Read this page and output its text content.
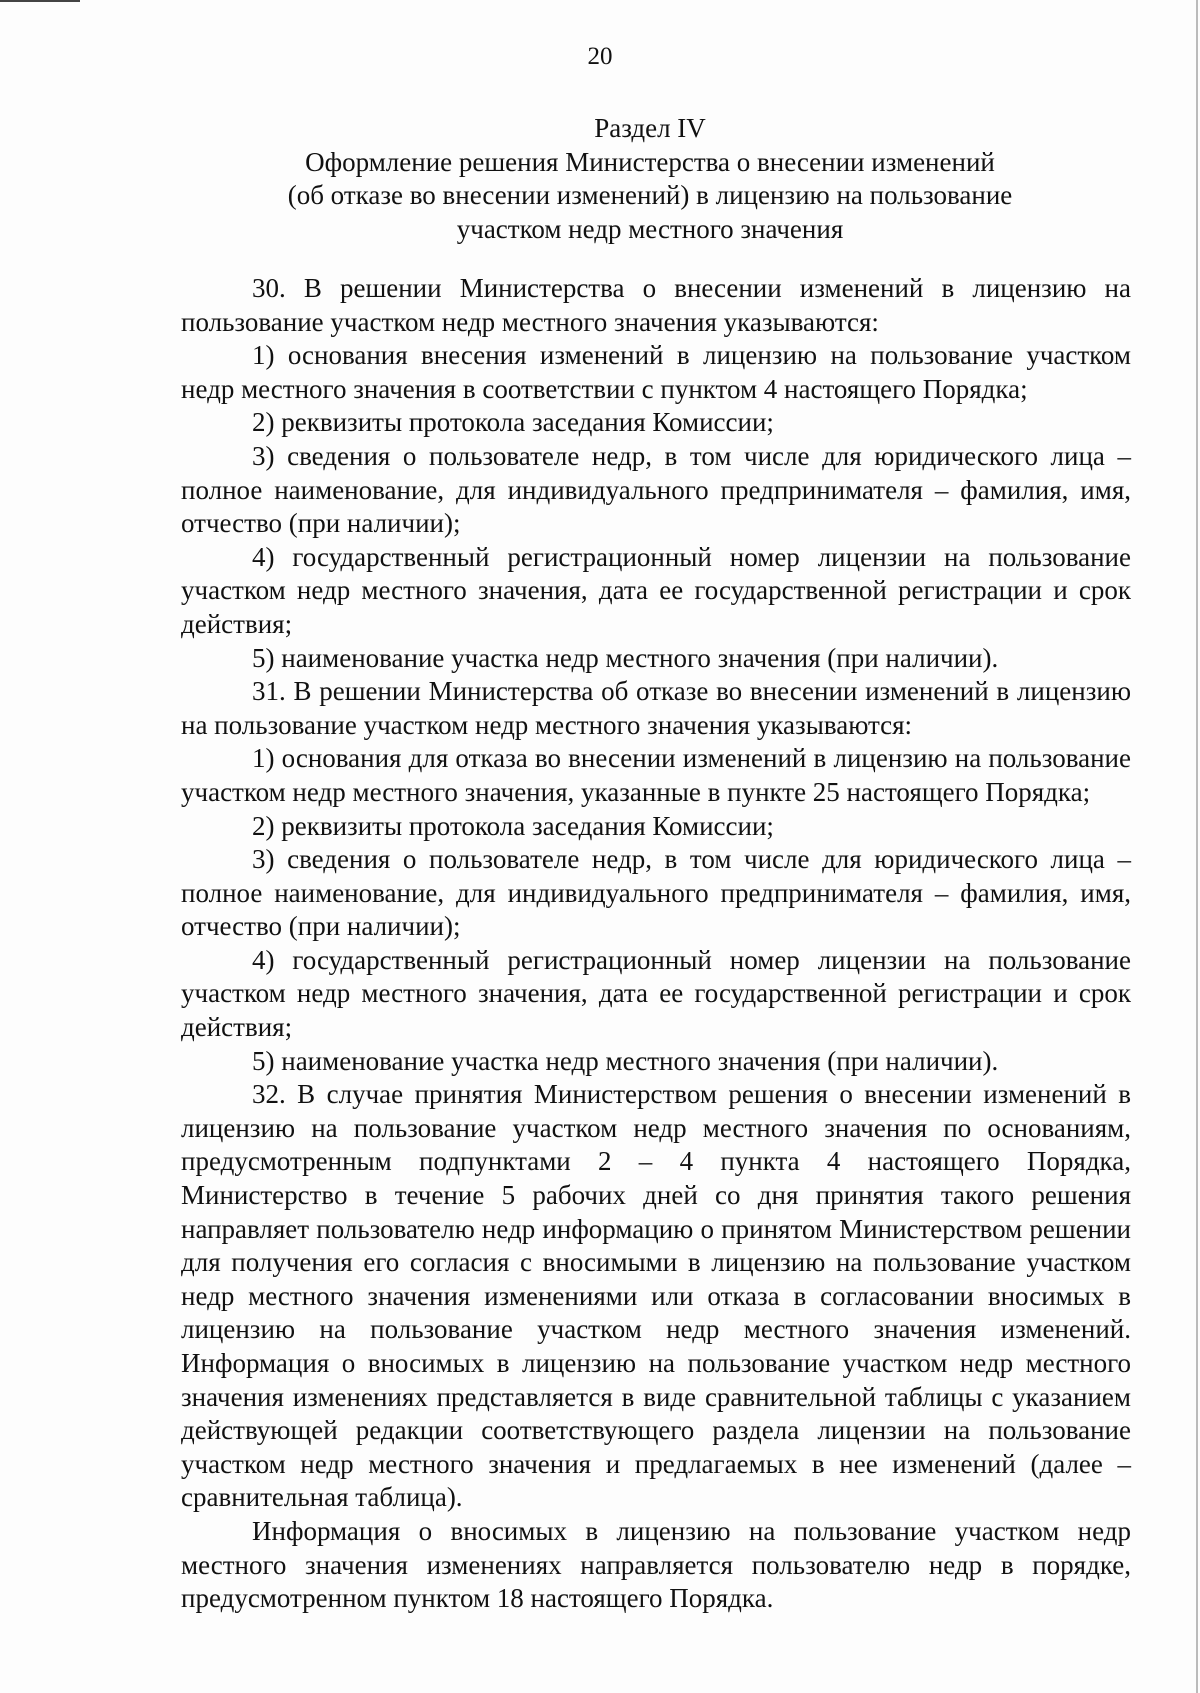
20
Раздел IV
Оформление решения Министерства о внесении изменений
(об отказе во внесении изменений) в лицензию на пользование
участком недр местного значения

30. В решении Министерства о внесении изменений в лицензию на пользование участком недр местного значения указываются:

1) основания внесения изменений в лицензию на пользование участком недр местного значения в соответствии с пунктом 4 настоящего Порядка;

2) реквизиты протокола заседания Комиссии;

3) сведения о пользователе недр, в том числе для юридического лица – полное наименование, для индивидуального предпринимателя – фамилия, имя, отчество (при наличии);

4) государственный регистрационный номер лицензии на пользование участком недр местного значения, дата ее государственной регистрации и срок действия;

5) наименование участка недр местного значения (при наличии).

31. В решении Министерства об отказе во внесении изменений в лицензию на пользование участком недр местного значения указываются:

1) основания для отказа во внесении изменений в лицензию на пользование участком недр местного значения, указанные в пункте 25 настоящего Порядка;

2) реквизиты протокола заседания Комиссии;

3) сведения о пользователе недр, в том числе для юридического лица – полное наименование, для индивидуального предпринимателя – фамилия, имя, отчество (при наличии);

4) государственный регистрационный номер лицензии на пользование участком недр местного значения, дата ее государственной регистрации и срок действия;

5) наименование участка недр местного значения (при наличии).

32. В случае принятия Министерством решения о внесении изменений в лицензию на пользование участком недр местного значения по основаниям, предусмотренным подпунктами 2 – 4 пункта 4 настоящего Порядка, Министерство в течение 5 рабочих дней со дня принятия такого решения направляет пользователю недр информацию о принятом Министерством решении для получения его согласия с вносимыми в лицензию на пользование участком недр местного значения изменениями или отказа в согласовании вносимых в лицензию на пользование участком недр местного значения изменений. Информация о вносимых в лицензию на пользование участком недр местного значения изменениях представляется в виде сравнительной таблицы с указанием действующей редакции соответствующего раздела лицензии на пользование участком недр местного значения и предлагаемых в нее изменений (далее – сравнительная таблица).

Информация о вносимых в лицензию на пользование участком недр местного значения изменениях направляется пользователю недр в порядке, предусмотренном пунктом 18 настоящего Порядка.
